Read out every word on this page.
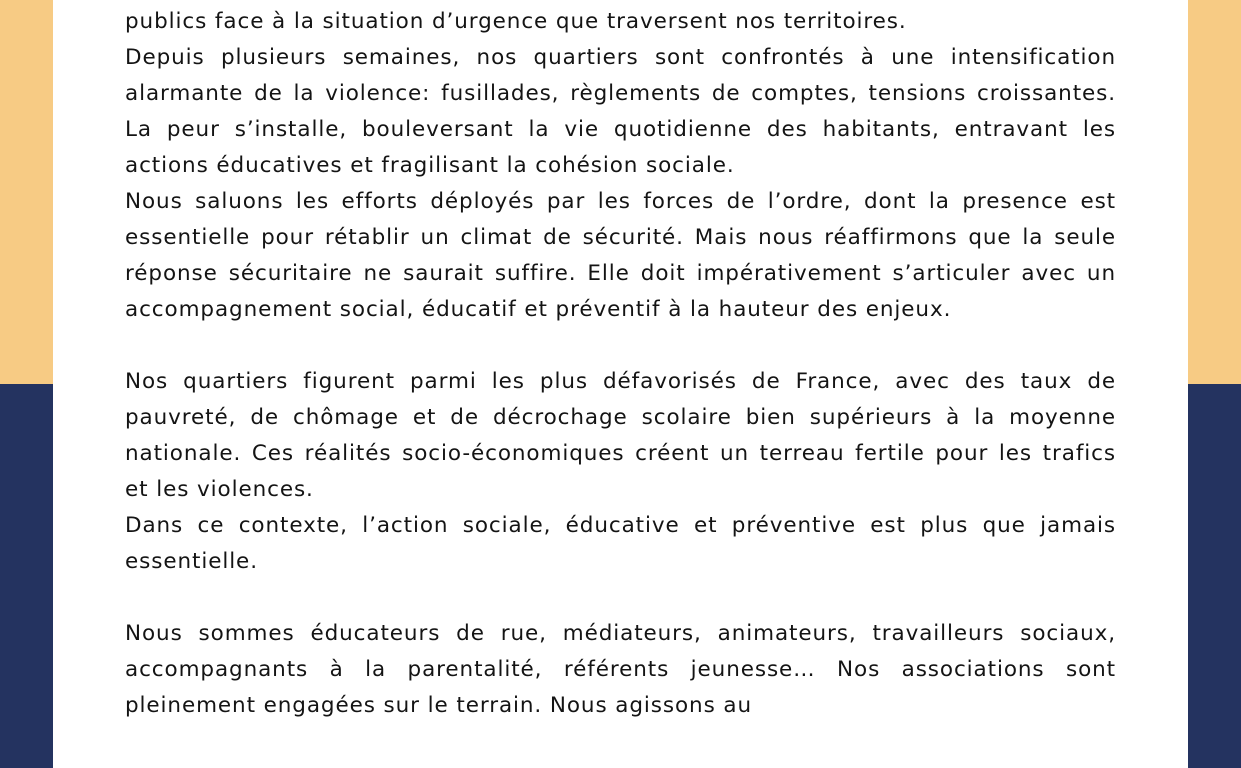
publics face à la situation d’urgence que traversent nos territoires.

Depuis plusieurs semaines, nos quartiers sont confrontés à une intensification alarmante de la violence: fusillades, règlements de comptes, tensions croissantes. La peur s’installe, bouleversant la vie quotidienne des habitants, entravant les actions éducatives et fragilisant la cohésion sociale.

Nous saluons les efforts déployés par les forces de l’ordre, dont la presence est essentielle pour rétablir un climat de sécurité. Mais nous réaffirmons que la seule réponse sécuritaire ne saurait suffire. Elle doit impérativement s’articuler avec un accompagnement social, éducatif et préventif à la hauteur des enjeux.

Nos quartiers figurent parmi les plus défavorisés de France, avec des taux de pauvreté, de chômage et de décrochage scolaire bien supérieurs à la moyenne nationale. Ces réalités socio-économiques créent un terreau fertile pour les trafics et les violences.

Dans ce contexte, l’action sociale, éducative et préventive est plus que jamais essentielle.

Nous sommes éducateurs de rue, médiateurs, animateurs, travailleurs sociaux, accompagnants à la parentalité, référents jeunesse… Nos associations sont pleinement engagées sur le terrain. Nous agissons au
